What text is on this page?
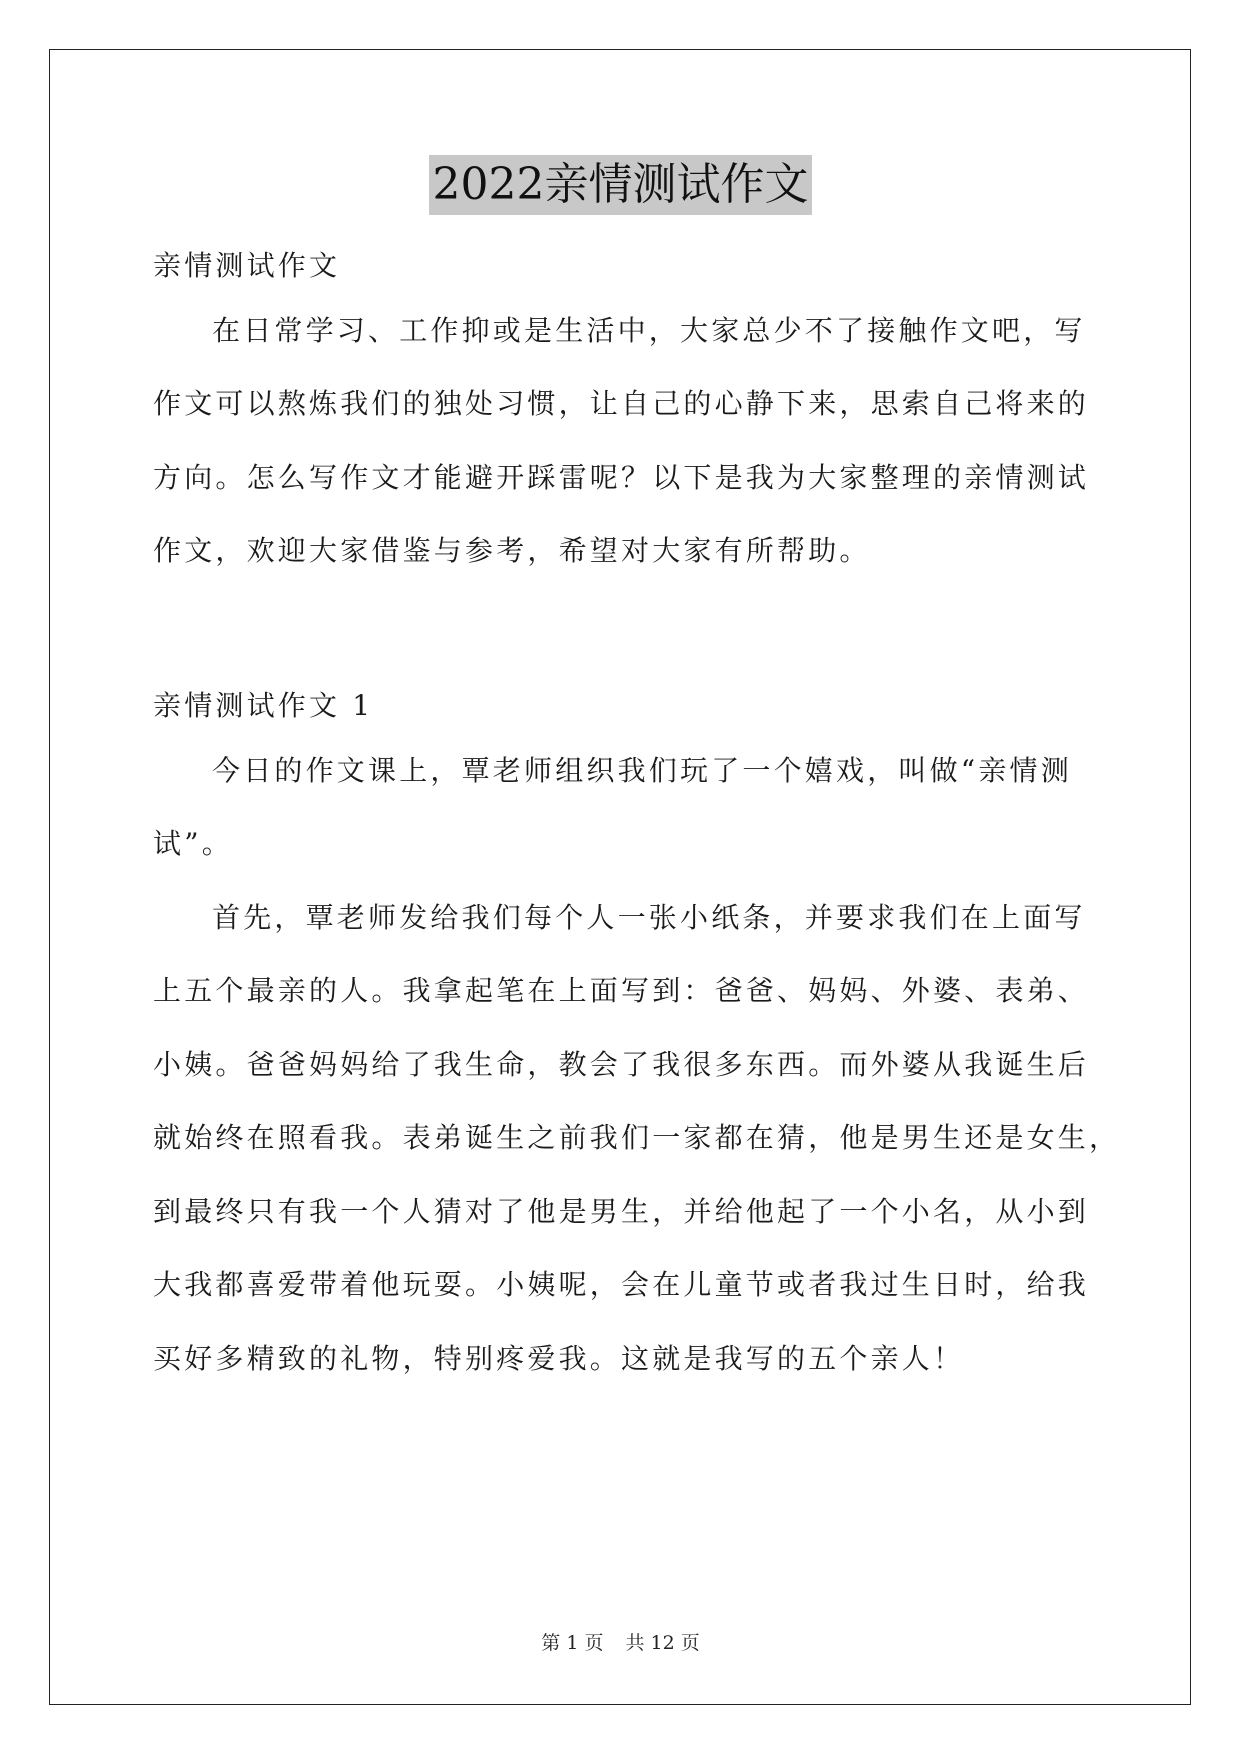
2022亲情测试作文
亲情测试作文
在日常学习、工作抑或是生活中，大家总少不了接触作文吧，写
作文可以熬炼我们的独处习惯，让自己的心静下来，思索自己将来的
方向。怎么写作文才能避开踩雷呢？以下是我为大家整理的亲情测试
作文，欢迎大家借鉴与参考，希望对大家有所帮助。
亲情测试作文 1
今日的作文课上，覃老师组织我们玩了一个嬉戏，叫做“亲情测
试”。
首先，覃老师发给我们每个人一张小纸条，并要求我们在上面写
上五个最亲的人。我拿起笔在上面写到：爸爸、妈妈、外婆、表弟、
小姨。爸爸妈妈给了我生命，教会了我很多东西。而外婆从我诞生后
就始终在照看我。表弟诞生之前我们一家都在猜，他是男生还是女生，
到最终只有我一个人猜对了他是男生，并给他起了一个小名，从小到
大我都喜爱带着他玩耍。小姨呢，会在儿童节或者我过生日时，给我
买好多精致的礼物，特别疼爱我。这就是我写的五个亲人！
第 1 页 共 12 页
